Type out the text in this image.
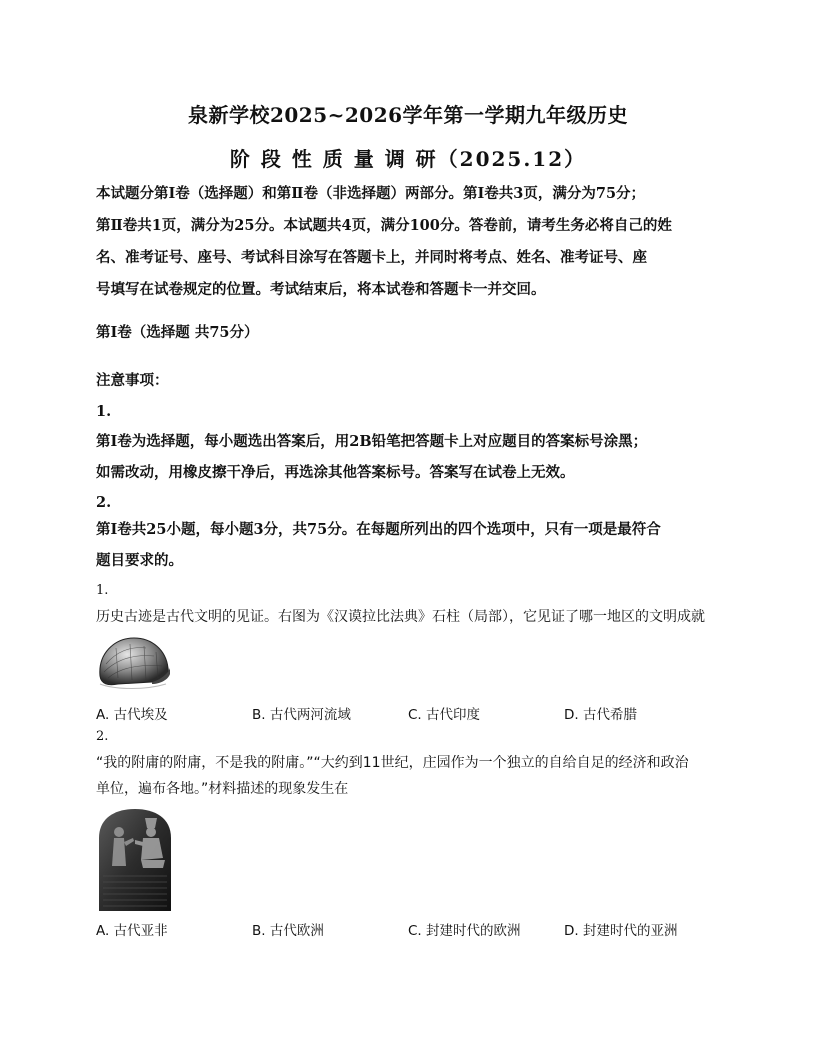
泉新学校2025~2026学年第一学期九年级历史
阶 段 性 质 量 调 研（2025.12）
本试题分第Ⅰ卷（选择题）和第Ⅱ卷（非选择题）两部分。第Ⅰ卷共3页，满分为75分；
第Ⅱ卷共1页，满分为25分。本试题共4页，满分100分。答卷前，请考生务必将自己的姓
名、准考证号、座号、考试科目涂写在答题卡上，并同时将考点、姓名、准考证号、座
号填写在试卷规定的位置。考试结束后，将本试卷和答题卡一并交回。
第Ⅰ卷（选择题 共75分）
注意事项：
1.
第Ⅰ卷为选择题，每小题选出答案后，用2B铅笔把答题卡上对应题目的答案标号涂黑；
如需改动，用橡皮擦干净后，再选涂其他答案标号。答案写在试卷上无效。
2.
第Ⅰ卷共25小题，每小题3分，共75分。在每题所列出的四个选项中，只有一项是最符合
题目要求的。
1.
历史古迹是古代文明的见证。右图为《汉谟拉比法典》石柱（局部），它见证了哪一地区的文明成就
A. 古代埃及	B. 古代两河流域	C. 古代印度	D. 古代希腊
2.
“我的附庸的附庸，不是我的附庸。”“大约到11世纪，庄园作为一个独立的自给自足的经济和政治
单位，遍布各地。”材料描述的现象发生在
A. 古代亚非	B. 古代欧洲	C. 封建时代的欧洲	D. 封建时代的亚洲
